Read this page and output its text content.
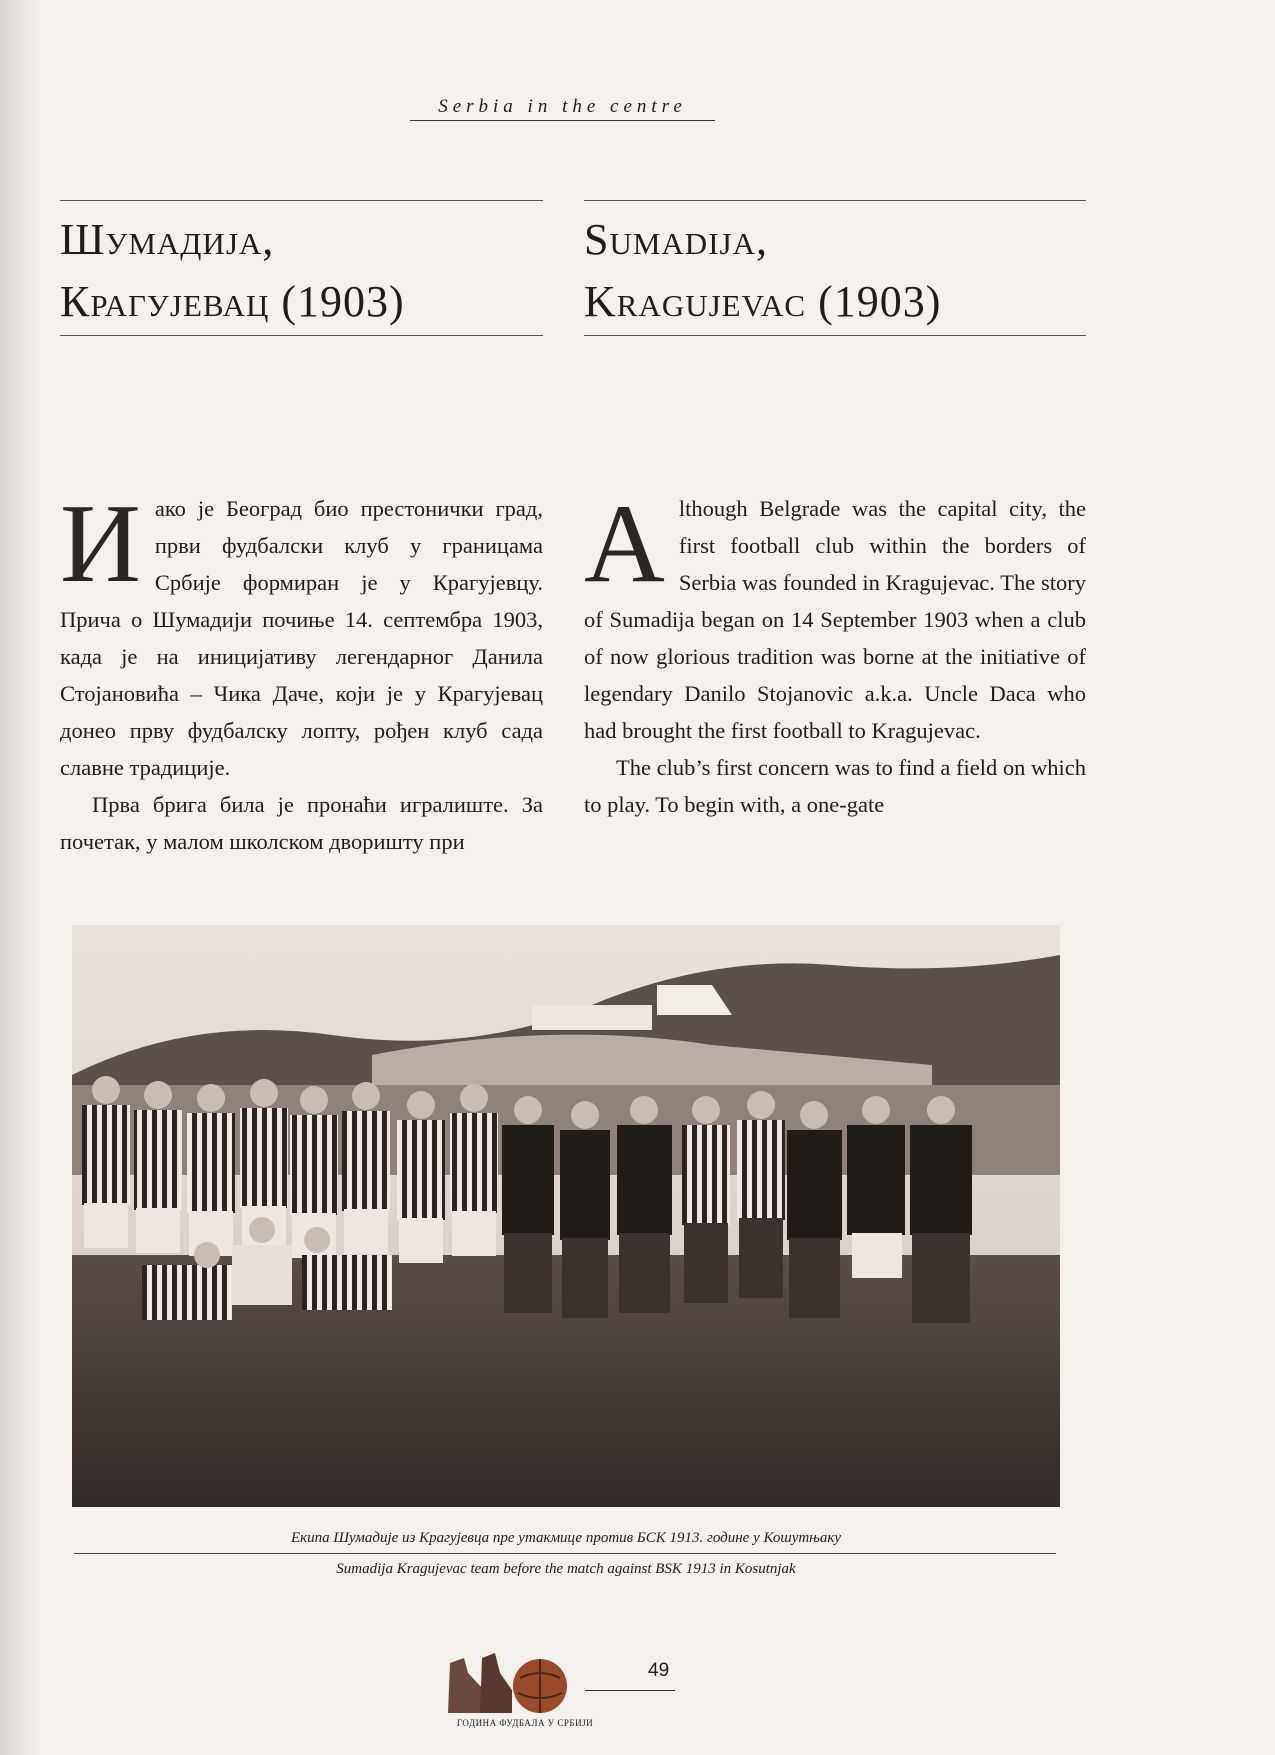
Serbia in the centre
Шумадија,
Крагујевац (1903)
Sumadija,
Kragujevac (1903)

Иако је Београд био престонички град, први фудбалски клуб у границама Србије формиран је у Крагујевцу. Прича о Шумадији почиње 14. септембра 1903, када је на иницијативу легендарног Данила Стојановића – Чика Даче, који је у Крагујевац донео прву фудбалску лопту, рођен клуб сада славне традиције.

Прва брига била је пронаћи игралиште. За почетак, у малом школском дворишту при

Although Belgrade was the capital city, the first football club within the borders of Serbia was founded in Kragujevac. The story of Sumadija began on 14 September 1903 when a club of now glorious tradition was borne at the initiative of legendary Danilo Stojanovic a.k.a. Uncle Daca who had brought the first football to Kragujevac.

The club’s first concern was to find a field on which to play. To begin with, a one-gate

Екипа Шумадије из Крагујевца пре утакмице против БСК 1913. године у Кошутњаку
Sumadija Kragujevac team before the match against BSK 1913 in Kosutnjak
ГОДИНА ФУДБАЛА У СРБИЈИ
49
